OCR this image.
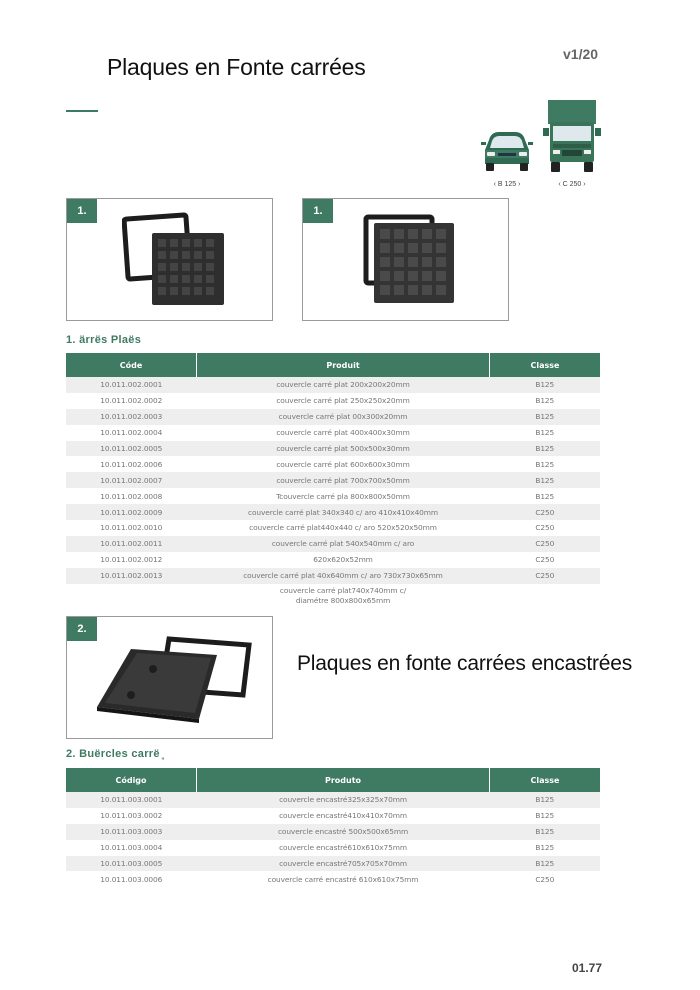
Plaques en Fonte carrées	v1/20
‹ B 125 ›	‹ C 250 ›
1.	1.
1. ärrës Plaës
Códe	Produit	Classe
10.011.002.0001	couvercle carré plat 200x200x20mm	B125
10.011.002.0002	couvercle carré plat 250x250x20mm	B125
10.011.002.0003	couvercle carré plat 00x300x20mm	B125
10.011.002.0004	couvercle carré plat 400x400x30mm	B125
10.011.002.0005	couvercle carré plat 500x500x30mm	B125
10.011.002.0006	couvercle carré plat 600x600x30mm	B125
10.011.002.0007	couvercle carré plat 700x700x50mm	B125
10.011.002.0008	Tcouvercle carré pla 800x800x50mm	B125
10.011.002.0009	couvercle carré plat 340x340 c/ aro 410x410x40mm	C250
10.011.002.0010	couvercle carré plat440x440 c/ aro 520x520x50mm	C250
10.011.002.0011	couvercle carré plat 540x540mm c/ aro	C250
10.011.002.0012	620x620x52mm	C250
10.011.002.0013	couvercle carré plat 40x640mm c/ aro 730x730x65mm	C250
	couvercle carré plat740x740mm c/ diamétre 800x800x65mm	
2.
Plaques en fonte carrées encastrées
2. Buërcles carrë ͈
Código	Produto	Classe
10.011.003.0001	couvercle encastré325x325x70mm	B125
10.011.003.0002	couvercle encastré410x410x70mm	B125
10.011.003.0003	couvercle encastré 500x500x65mm	B125
10.011.003.0004	couvercle encastré610x610x75mm	B125
10.011.003.0005	couvercle encastré705x705x70mm	B125
10.011.003.0006	couvercle carré encastré 610x610x75mm	C250
01.77
